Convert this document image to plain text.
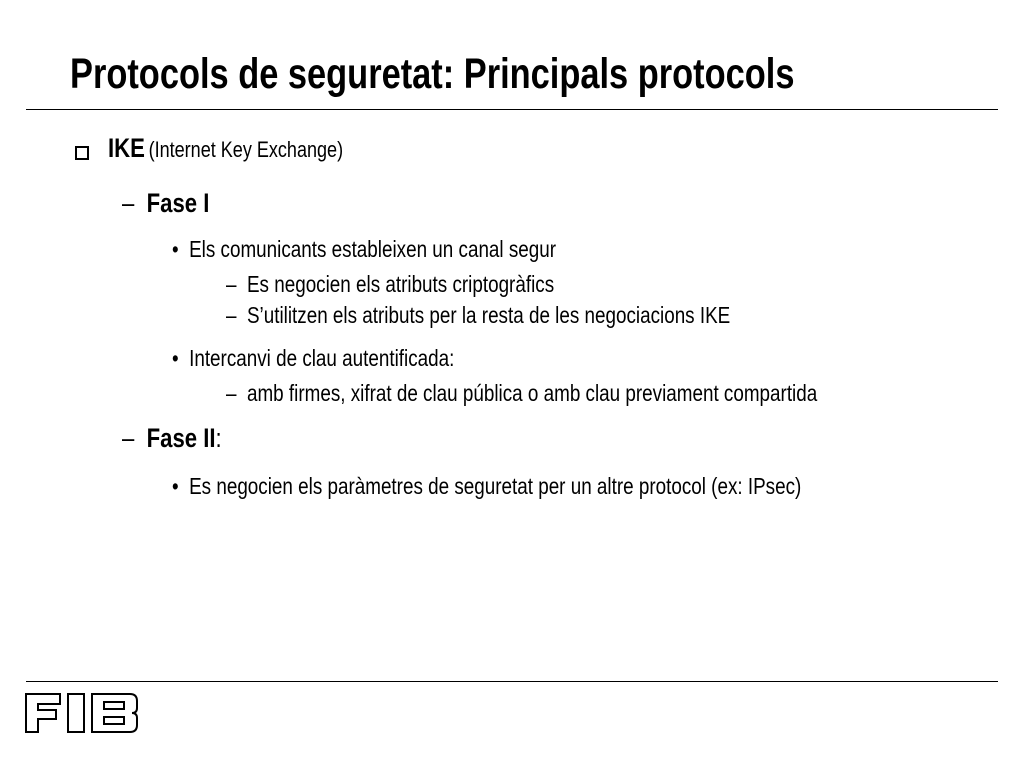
Protocols de seguretat: Principals protocols
IKE (Internet Key Exchange)
– Fase I
• Els comunicants estableixen un canal segur
– Es negocien els atributs criptogràfics
– S’utilitzen els atributs per la resta de les negociacions IKE
• Intercanvi de clau autentificada:
– amb firmes, xifrat de clau pública o amb clau previament compartida
– Fase II:
• Es negocien els paràmetres de seguretat per un altre protocol (ex: IPsec)
